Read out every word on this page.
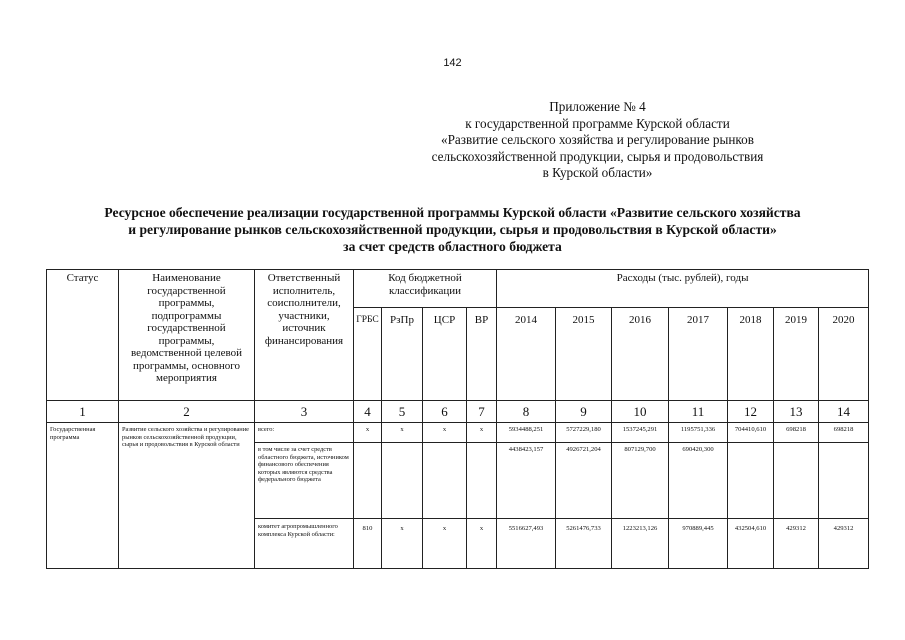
142
Приложение № 4
к государственной программе Курской области
«Развитие сельского хозяйства и регулирование рынков
сельскохозяйственной продукции, сырья и продовольствия
в Курской области»
Ресурсное обеспечение реализации государственной программы Курской области «Развитие сельского хозяйства
и регулирование рынков сельскохозяйственной продукции, сырья и продовольствия в Курской области»
за счет средств областного бюджета
Статус	Наименование государственной программы, подпрограммы государственной программы, ведомственной целевой программы, основного мероприятия	Ответственный исполнитель, соисполнители, участники, источник финансирования	Код бюджетной классификации				Расходы (тыс. рублей), годы						
			ГРБС	РзПр	ЦСР	ВР	2014	2015	2016	2017	2018	2019	2020
1	2	3	4	5	6	7	8	9	10	11	12	13	14
Государственная программа	Развитие сельского хозяйства и регулирование рынков сельскохозяйственной продукции, сырья и продовольствия в Курской области	всего:	х	х	х	х	5934488,251	5727229,180	1537245,291	1195751,336	704410,610	698218	698218
		в том числе за счет средств областного бюджета, источником финансового обеспечения которых являются средства федерального бюджета					4438423,157	4926721,204	807129,700	690420,300			
		комитет агропромышленного комплекса Курской области:	810	х	х	х	5516627,493	5261476,733	1223213,126	970889,445	432504,610	429312	429312
